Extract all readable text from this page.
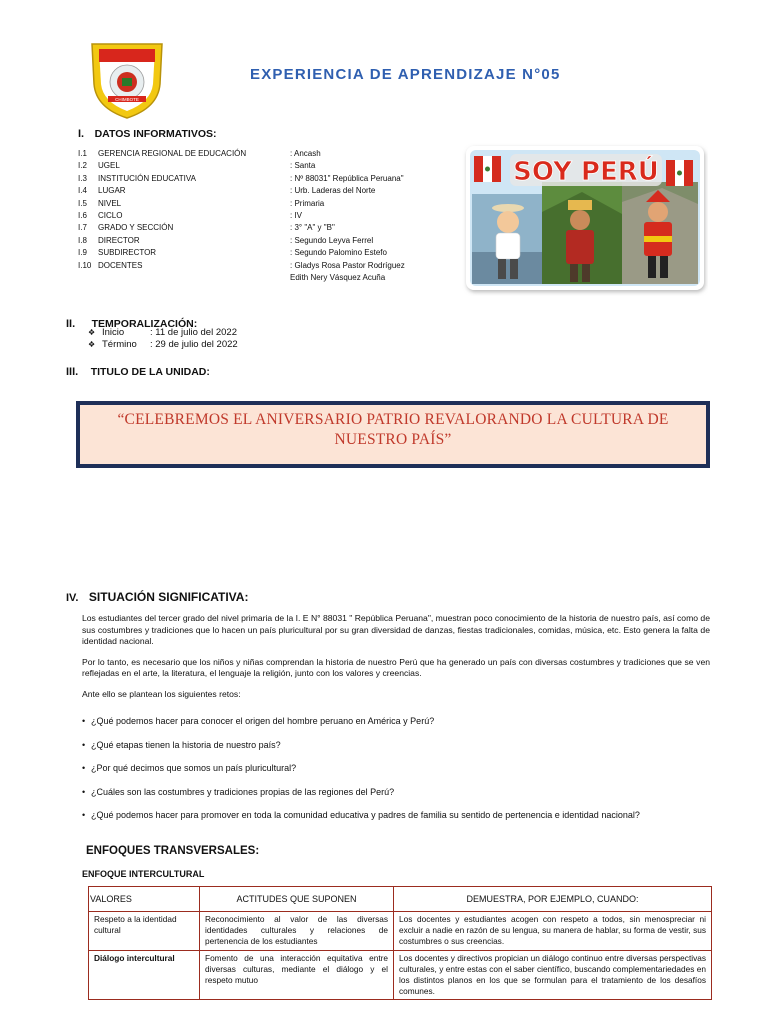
CHIMBOTE
EXPERIENCIA DE APRENDIZAJE N°05
I. DATOS INFORMATIVOS:
I.1	GERENCIA REGIONAL DE EDUCACIÓN	: Ancash
I.2	UGEL	: Santa
I.3	INSTITUCIÓN EDUCATIVA	: Nº 88031" República Peruana"
I.4	LUGAR	: Urb. Laderas del Norte
I.5	NIVEL	: Primaria
I.6	CICLO	: IV
I.7	GRADO Y SECCIÓN	: 3° "A" y "B"
I.8	DIRECTOR	: Segundo Leyva Ferrel
I.9	SUBDIRECTOR	: Segundo Palomino Estefo
I.10 DOCENTES	: Gladys Rosa Pastor Rodríguez
Edith Nery Vásquez Acuña
SOY PERÚ
II. TEMPORALIZACIÓN:
❖ Inicio	: 11 de julio del 2022
❖ Término	: 29 de julio del 2022
III. TITULO DE LA UNIDAD:
“CELEBREMOS EL ANIVERSARIO PATRIO REVALORANDO LA CULTURA DE
NUESTRO PAÍS”
IV. SITUACIÓN SIGNIFICATIVA:

Los estudiantes del tercer grado del nivel primaria de la I. E N° 88031 " República Peruana", muestran poco conocimiento de la historia de nuestro país, así como de sus costumbres y tradiciones que lo hacen un país pluricultural por su gran diversidad de danzas, fiestas tradicionales, comidas, música, etc. Esto genera la falta de identidad nacional.

Por lo tanto, es necesario que los niños y niñas comprendan la historia de nuestro Perú que ha generado un país con diversas costumbres y tradiciones que se ven reflejadas en el arte, la literatura, el lenguaje la religión, junto con los valores y creencias.

Ante ello se plantean los siguientes retos:

• ¿Qué podemos hacer para conocer el origen del hombre peruano en América y Perú?
• ¿Qué etapas tienen la historia de nuestro país?
• ¿Por qué decimos que somos un país pluricultural?
• ¿Cuáles son las costumbres y tradiciones propias de las regiones del Perú?
• ¿Qué podemos hacer para promover en toda la comunidad educativa y padres de familia su sentido de pertenencia e identidad nacional?
ENFOQUES TRANSVERSALES:
ENFOQUE INTERCULTURAL
VALORES	ACTITUDES QUE SUPONEN	DEMUESTRA, POR EJEMPLO, CUANDO:
Respeto a la identidad cultural	Reconocimiento al valor de las diversas identidades culturales y relaciones de pertenencia de los estudiantes	Los docentes y estudiantes acogen con respeto a todos, sin menospreciar ni excluir a nadie en razón de su lengua, su manera de hablar, su forma de vestir, sus costumbres o sus creencias.
Diálogo intercultural	Fomento de una interacción equitativa entre diversas culturas, mediante el diálogo y el respeto mutuo	Los docentes y directivos propician un diálogo continuo entre diversas perspectivas culturales, y entre estas con el saber científico, buscando complementariedades en los distintos planos en los que se formulan para el tratamiento de los desafíos comunes.
